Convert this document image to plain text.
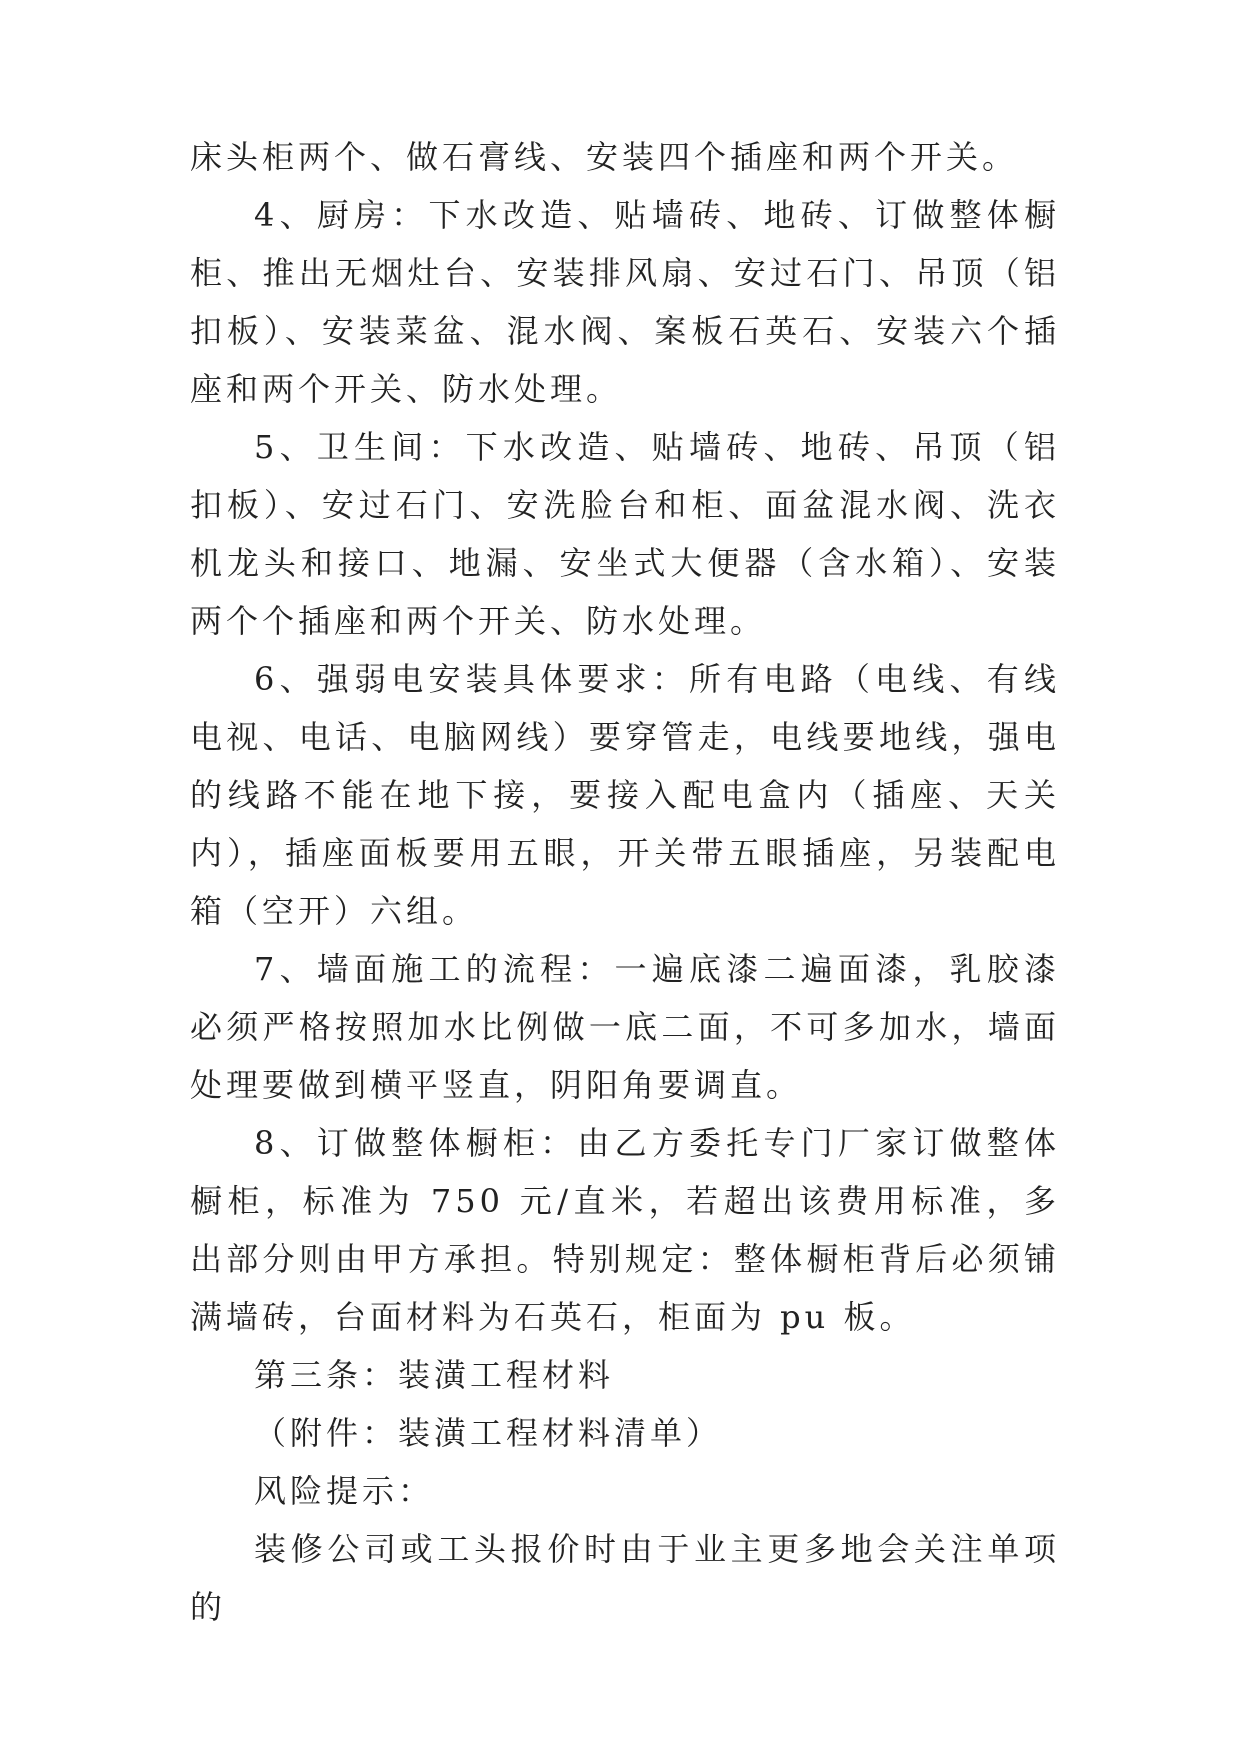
床头柜两个、做石膏线、安装四个插座和两个开关。

4、厨房：下水改造、贴墙砖、地砖、订做整体橱柜、推出无烟灶台、安装排风扇、安过石门、吊顶（铝扣板）、安装菜盆、混水阀、案板石英石、安装六个插座和两个开关、防水处理。

5、卫生间：下水改造、贴墙砖、地砖、吊顶（铝扣板）、安过石门、安洗脸台和柜、面盆混水阀、洗衣机龙头和接口、地漏、安坐式大便器（含水箱）、安装两个个插座和两个开关、防水处理。

6、强弱电安装具体要求：所有电路（电线、有线电视、电话、电脑网线）要穿管走，电线要地线，强电的线路不能在地下接，要接入配电盒内（插座、天关内），插座面板要用五眼，开关带五眼插座，另装配电箱（空开）六组。

7、墙面施工的流程：一遍底漆二遍面漆，乳胶漆必须严格按照加水比例做一底二面，不可多加水，墙面处理要做到横平竖直，阴阳角要调直。

8、订做整体橱柜：由乙方委托专门厂家订做整体橱柜，标准为 750 元/直米，若超出该费用标准，多出部分则由甲方承担。特别规定：整体橱柜背后必须铺满墙砖，台面材料为石英石，柜面为 pu 板。

第三条：装潢工程材料

（附件：装潢工程材料清单）

风险提示：

装修公司或工头报价时由于业主更多地会关注单项的
